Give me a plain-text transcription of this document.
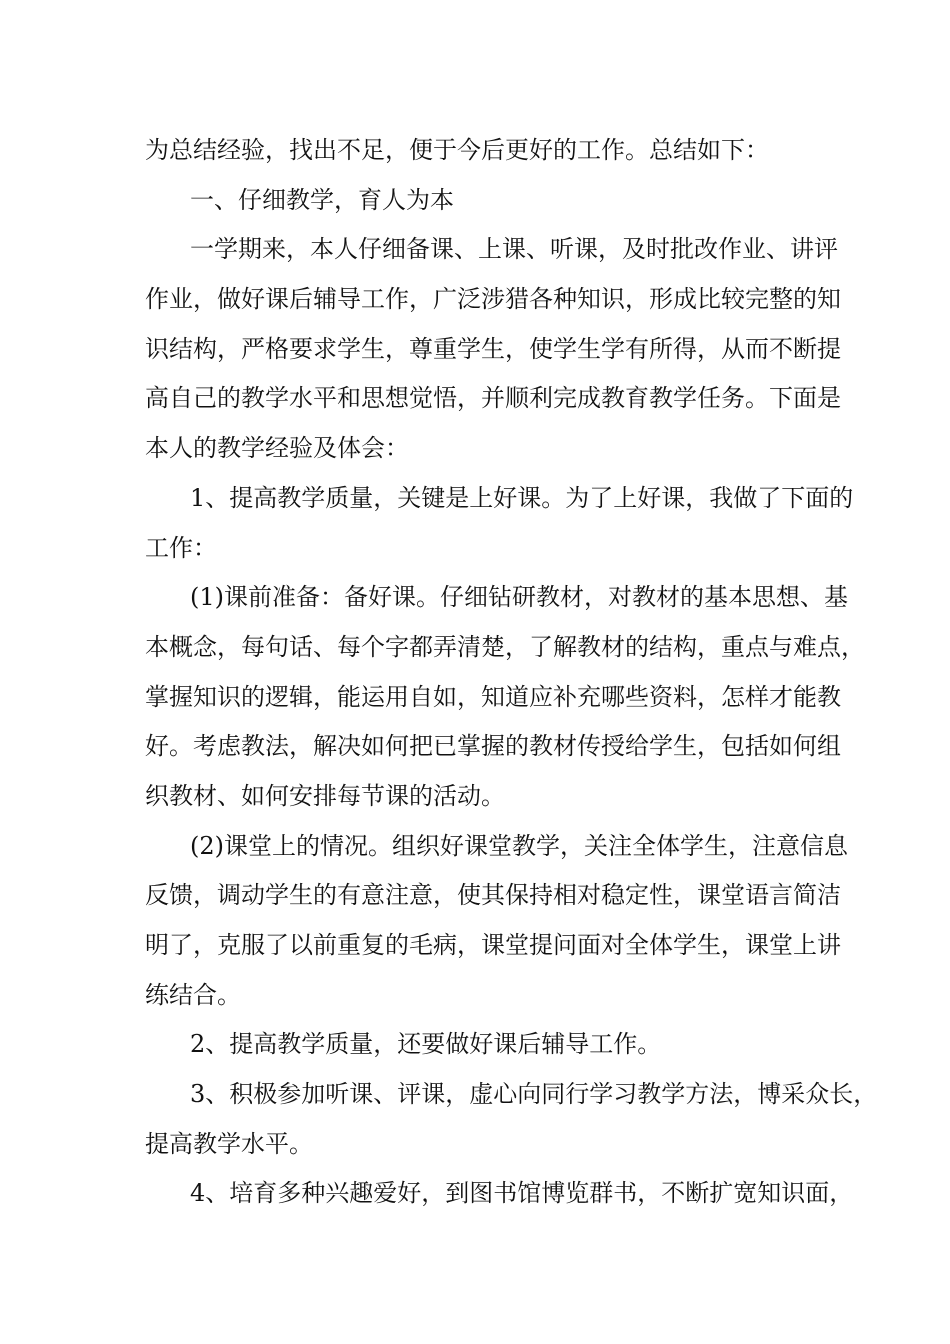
为总结经验，找出不足，便于今后更好的工作。总结如下：
一、仔细教学，育人为本
一学期来，本人仔细备课、上课、听课，及时批改作业、讲评
作业，做好课后辅导工作，广泛涉猎各种知识，形成比较完整的知
识结构，严格要求学生，尊重学生，使学生学有所得，从而不断提
高自己的教学水平和思想觉悟，并顺利完成教育教学任务。下面是
本人的教学经验及体会：
1、提高教学质量，关键是上好课。为了上好课，我做了下面的
工作：
(1)课前准备：备好课。仔细钻研教材，对教材的基本思想、基
本概念，每句话、每个字都弄清楚，了解教材的结构，重点与难点，
掌握知识的逻辑，能运用自如，知道应补充哪些资料，怎样才能教
好。考虑教法，解决如何把已掌握的教材传授给学生，包括如何组
织教材、如何安排每节课的活动。
(2)课堂上的情况。组织好课堂教学，关注全体学生，注意信息
反馈，调动学生的有意注意，使其保持相对稳定性，课堂语言简洁
明了，克服了以前重复的毛病，课堂提问面对全体学生，课堂上讲
练结合。
2、提高教学质量，还要做好课后辅导工作。
3、积极参加听课、评课，虚心向同行学习教学方法，博采众长，
提高教学水平。
4、培育多种兴趣爱好，到图书馆博览群书，不断扩宽知识面，
